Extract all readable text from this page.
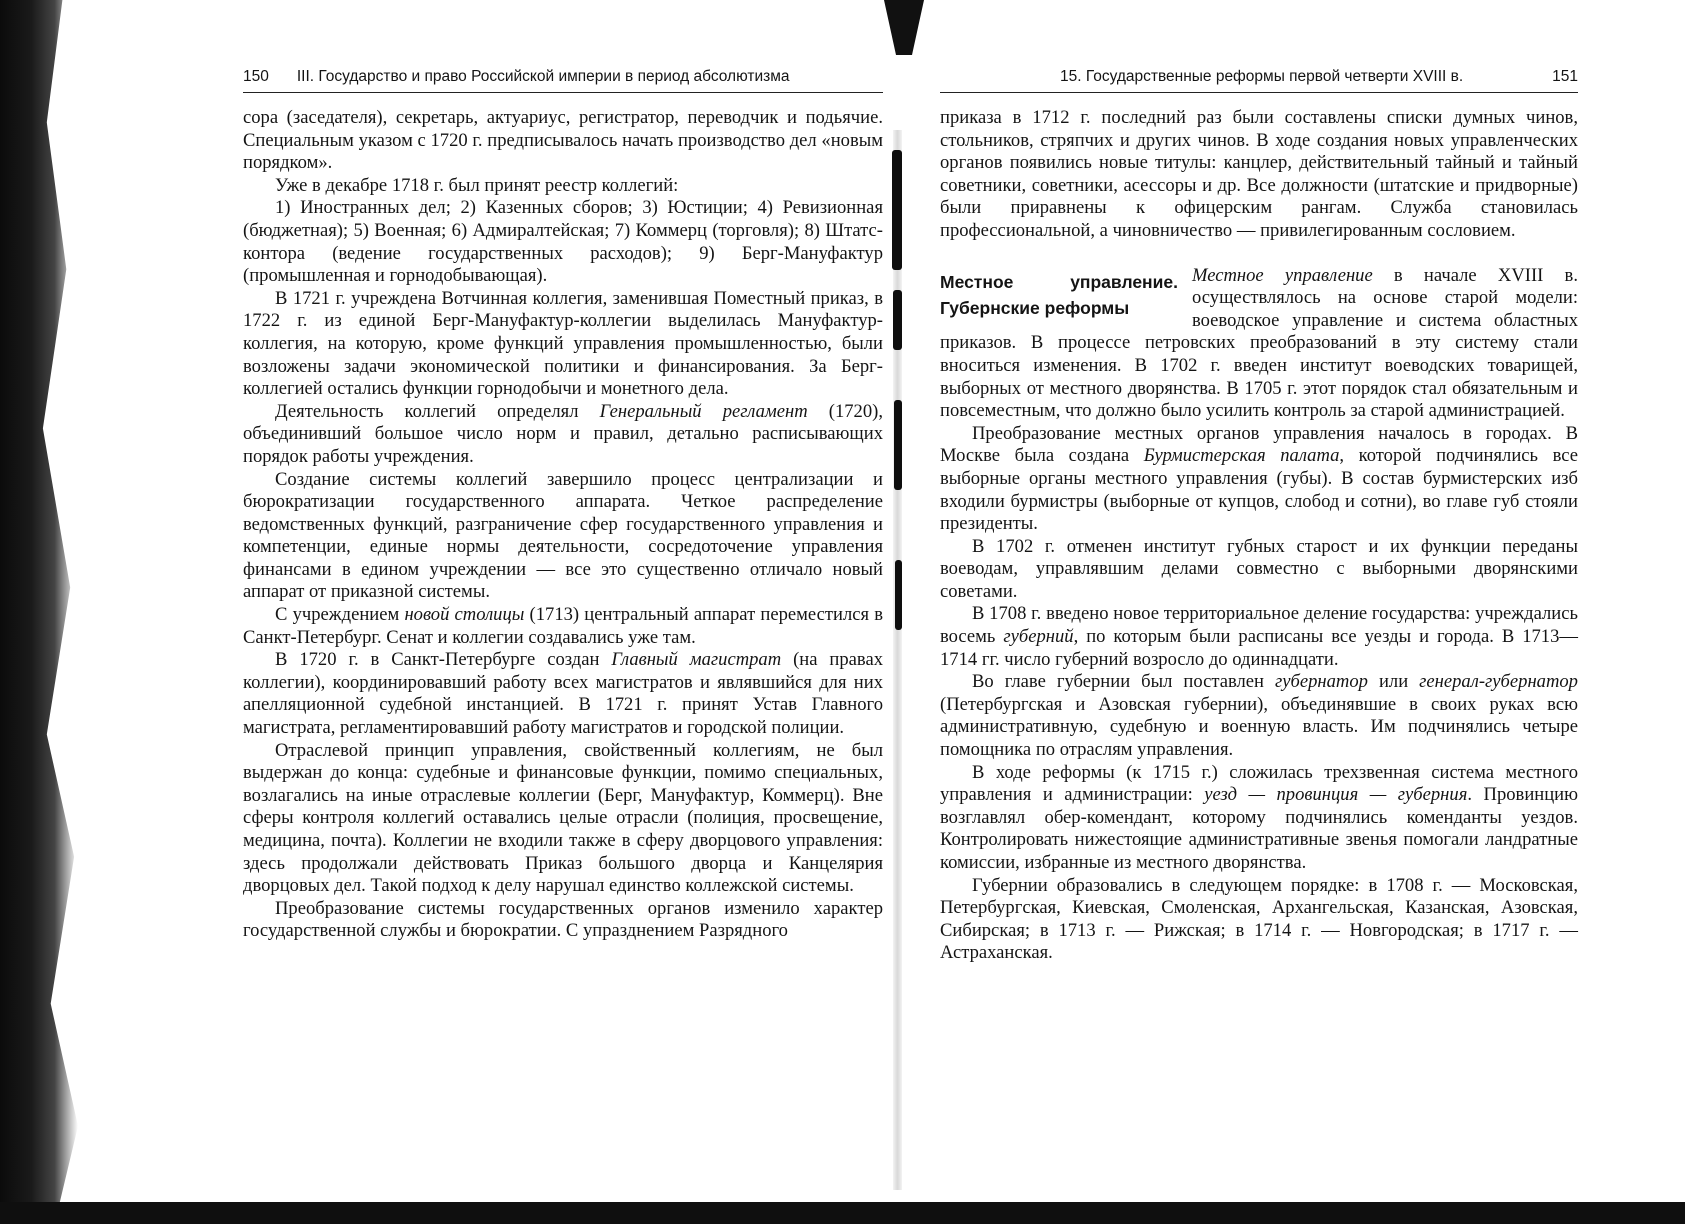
150 III. Государство и право Российской империи в период абсолютизма

сора (заседателя), секретарь, актуариус, регистратор, переводчик и подьячие. Специальным указом с 1720 г. предписывалось начать производство дел «новым порядком».

Уже в декабре 1718 г. был принят реестр коллегий:

1) Иностранных дел; 2) Казенных сборов; 3) Юстиции; 4) Ревизионная (бюджетная); 5) Военная; 6) Адмиралтейская; 7) Коммерц (торговля); 8) Штатс-контора (ведение государственных расходов); 9) Берг-Мануфактур (промышленная и горнодобывающая).

В 1721 г. учреждена Вотчинная коллегия, заменившая Поместный приказ, в 1722 г. из единой Берг-Мануфактур-коллегии выделилась Мануфактур-коллегия, на которую, кроме функций управления промышленностью, были возложены задачи экономической политики и финансирования. За Берг-коллегией остались функции горнодобычи и монетного дела.

Деятельность коллегий определял Генеральный регламент (1720), объединивший большое число норм и правил, детально расписывающих порядок работы учреждения.

Создание системы коллегий завершило процесс централизации и бюрократизации государственного аппарата. Четкое распределение ведомственных функций, разграничение сфер государственного управления и компетенции, единые нормы деятельности, сосредоточение управления финансами в едином учреждении — все это существенно отличало новый аппарат от приказной системы.

С учреждением новой столицы (1713) центральный аппарат переместился в Санкт-Петербург. Сенат и коллегии создавались уже там.

В 1720 г. в Санкт-Петербурге создан Главный магистрат (на правах коллегии), координировавший работу всех магистратов и являвшийся для них апелляционной судебной инстанцией. В 1721 г. принят Устав Главного магистрата, регламентировавший работу магистратов и городской полиции.

Отраслевой принцип управления, свойственный коллегиям, не был выдержан до конца: судебные и финансовые функции, помимо специальных, возлагались на иные отраслевые коллегии (Берг, Мануфактур, Коммерц). Вне сферы контроля коллегий оставались целые отрасли (полиция, просвещение, медицина, почта). Коллегии не входили также в сферу дворцового управления: здесь продолжали действовать Приказ большого дворца и Канцелярия дворцовых дел. Такой подход к делу нарушал единство коллежской системы.

Преобразование системы государственных органов изменило характер государственной службы и бюрократии. С упразднением Разрядного

15. Государственные реформы первой четверти XVIII в.	151

приказа в 1712 г. последний раз были составлены списки думных чинов, стольников, стряпчих и других чинов. В ходе создания новых управленческих органов появились новые титулы: канцлер, действительный тайный и тайный советники, советники, асессоры и др. Все должности (штатские и придворные) были приравнены к офицерским рангам. Служба становилась профессиональной, а чиновничество — привилегированным сословием.

Местное управление. Губернские реформы

Местное управление в начале XVIII в. осуществлялось на основе старой модели: воеводское управление и система областных приказов. В процессе петровских преобразований в эту систему стали вноситься изменения. В 1702 г. введен институт воеводских товарищей, выборных от местного дворянства. В 1705 г. этот порядок стал обязательным и повсеместным, что должно было усилить контроль за старой администрацией.

Преобразование местных органов управления началось в городах. В Москве была создана Бурмистерская палата, которой подчинялись все выборные органы местного управления (губы). В состав бурмистерских изб входили бурмистры (выборные от купцов, слобод и сотни), во главе губ стояли президенты.

В 1702 г. отменен институт губных старост и их функции переданы воеводам, управлявшим делами совместно с выборными дворянскими советами.

В 1708 г. введено новое территориальное деление государства: учреждались восемь губерний, по которым были расписаны все уезды и города. В 1713—1714 гг. число губерний возросло до одиннадцати.

Во главе губернии был поставлен губернатор или генерал-губернатор (Петербургская и Азовская губернии), объединявшие в своих руках всю административную, судебную и военную власть. Им подчинялись четыре помощника по отраслям управления.

В ходе реформы (к 1715 г.) сложилась трехзвенная система местного управления и администрации: уезд — провинция — губерния. Провинцию возглавлял обер-комендант, которому подчинялись коменданты уездов. Контролировать нижестоящие административные звенья помогали ландратные комиссии, избранные из местного дворянства.

Губернии образовались в следующем порядке: в 1708 г. — Московская, Петербургская, Киевская, Смоленская, Архангельская, Казанская, Азовская, Сибирская; в 1713 г. — Рижская; в 1714 г. — Новгородская; в 1717 г. — Астраханская.
